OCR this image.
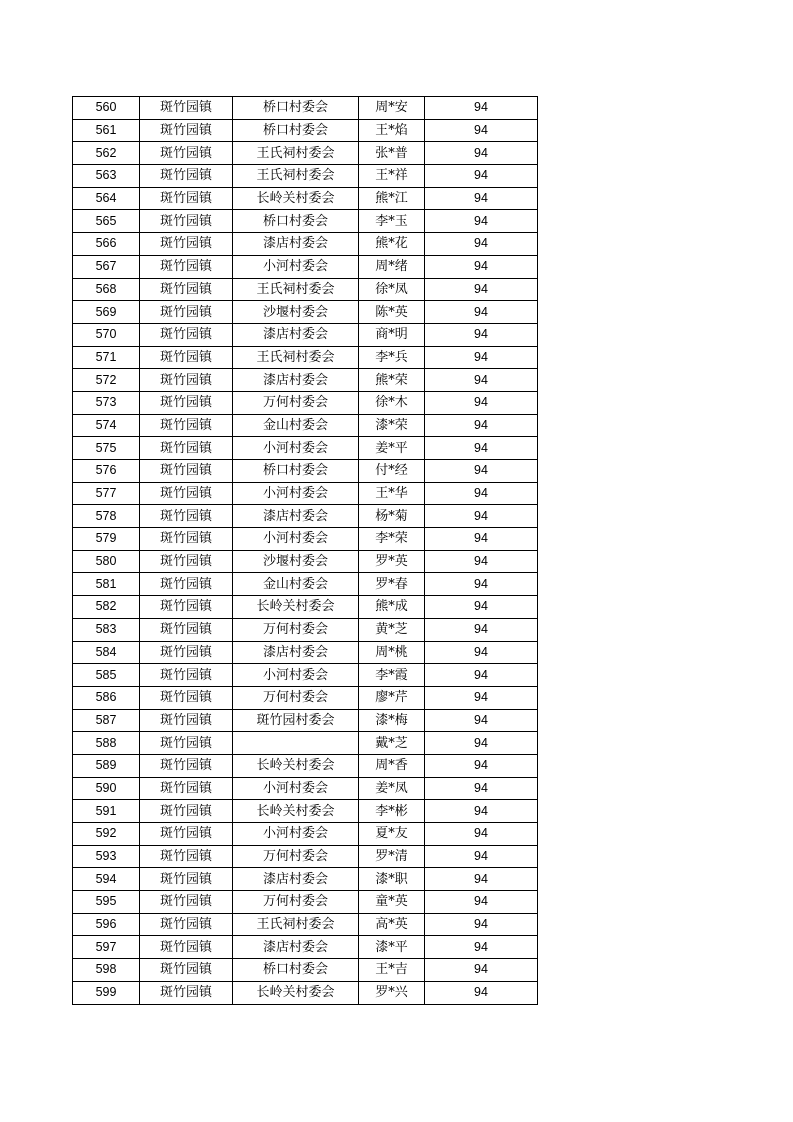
560	斑竹园镇	桥口村委会	周*安	94
561	斑竹园镇	桥口村委会	王*焰	94
562	斑竹园镇	王氏祠村委会	张*普	94
563	斑竹园镇	王氏祠村委会	王*祥	94
564	斑竹园镇	长岭关村委会	熊*江	94
565	斑竹园镇	桥口村委会	李*玉	94
566	斑竹园镇	漆店村委会	熊*花	94
567	斑竹园镇	小河村委会	周*绪	94
568	斑竹园镇	王氏祠村委会	徐*凤	94
569	斑竹园镇	沙堰村委会	陈*英	94
570	斑竹园镇	漆店村委会	商*明	94
571	斑竹园镇	王氏祠村委会	李*兵	94
572	斑竹园镇	漆店村委会	熊*荣	94
573	斑竹园镇	万何村委会	徐*木	94
574	斑竹园镇	金山村委会	漆*荣	94
575	斑竹园镇	小河村委会	姜*平	94
576	斑竹园镇	桥口村委会	付*经	94
577	斑竹园镇	小河村委会	王*华	94
578	斑竹园镇	漆店村委会	杨*菊	94
579	斑竹园镇	小河村委会	李*荣	94
580	斑竹园镇	沙堰村委会	罗*英	94
581	斑竹园镇	金山村委会	罗*春	94
582	斑竹园镇	长岭关村委会	熊*成	94
583	斑竹园镇	万何村委会	黄*芝	94
584	斑竹园镇	漆店村委会	周*桃	94
585	斑竹园镇	小河村委会	李*霞	94
586	斑竹园镇	万何村委会	廖*芹	94
587	斑竹园镇	斑竹园村委会	漆*梅	94
588	斑竹园镇		戴*芝	94
589	斑竹园镇	长岭关村委会	周*香	94
590	斑竹园镇	小河村委会	姜*凤	94
591	斑竹园镇	长岭关村委会	李*彬	94
592	斑竹园镇	小河村委会	夏*友	94
593	斑竹园镇	万何村委会	罗*清	94
594	斑竹园镇	漆店村委会	漆*职	94
595	斑竹园镇	万何村委会	童*英	94
596	斑竹园镇	王氏祠村委会	高*英	94
597	斑竹园镇	漆店村委会	漆*平	94
598	斑竹园镇	桥口村委会	王*吉	94
599	斑竹园镇	长岭关村委会	罗*兴	94
